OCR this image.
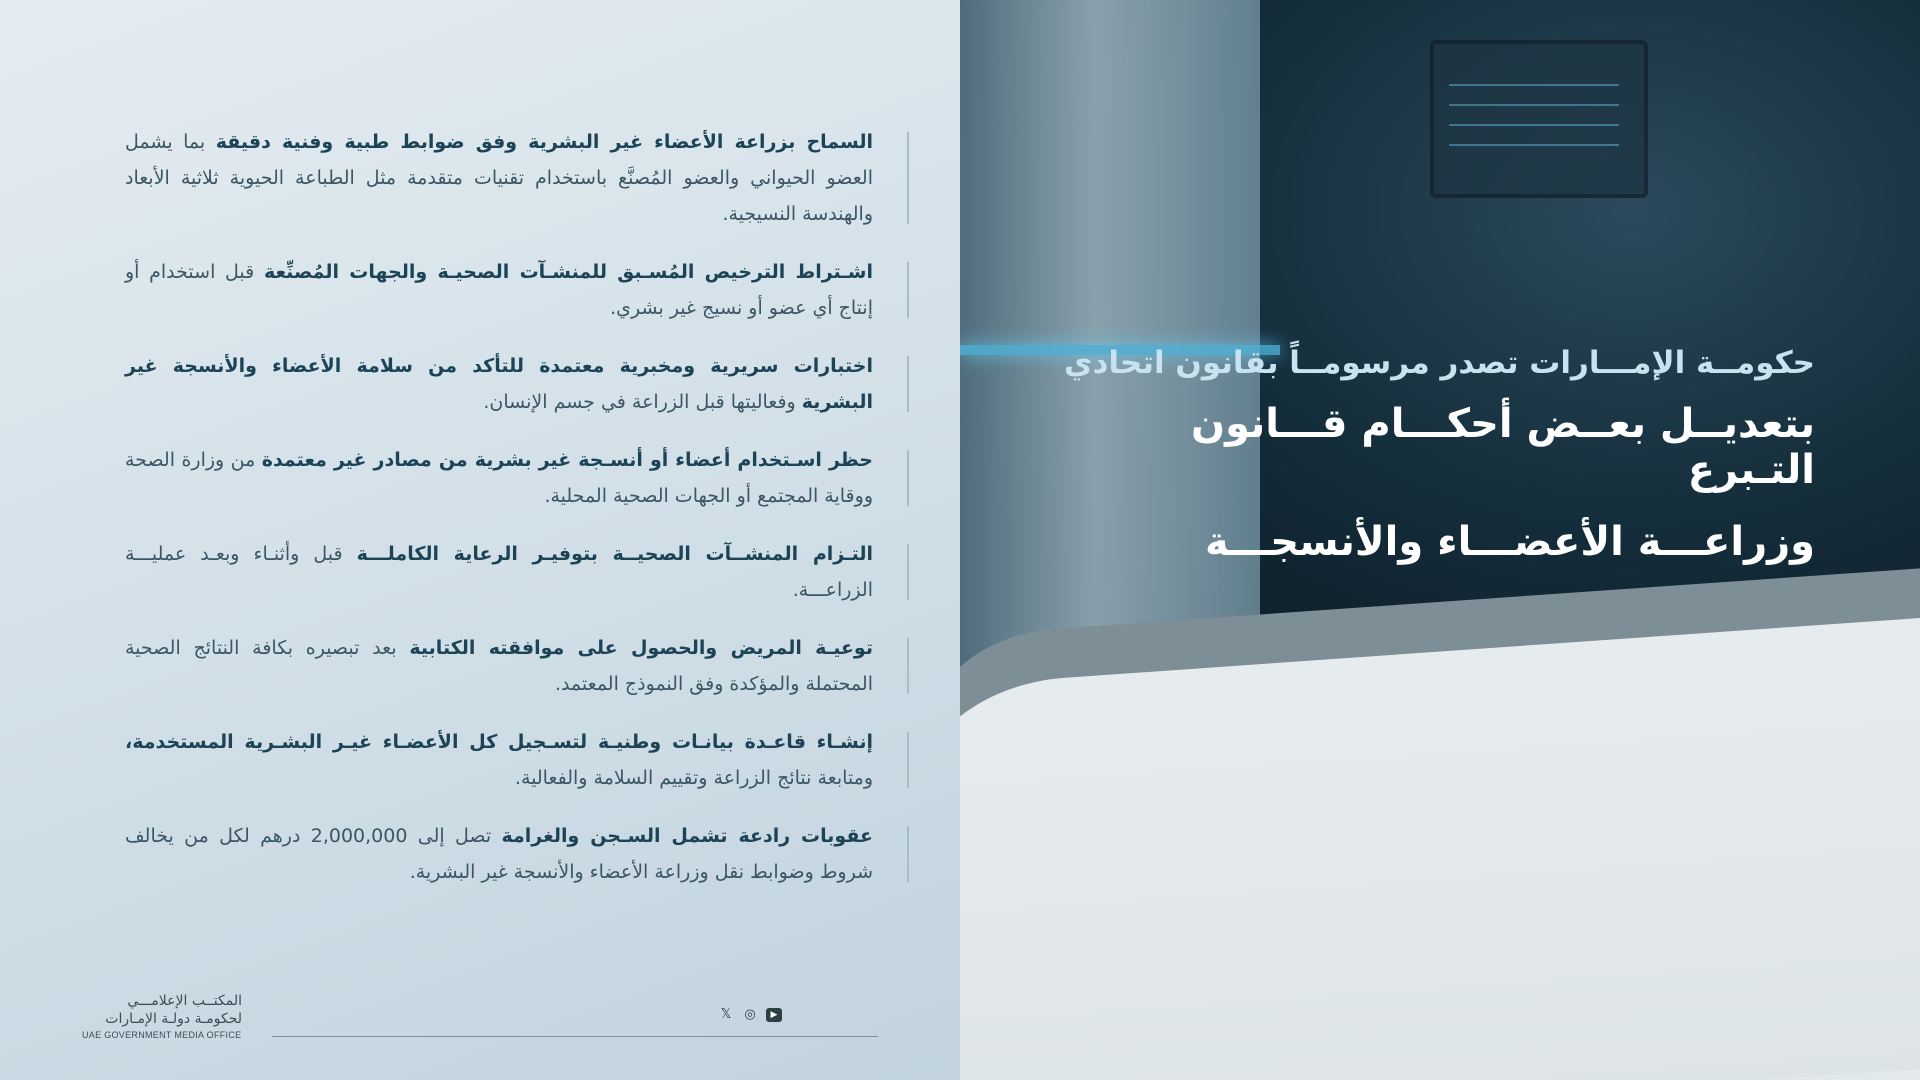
السماح بزراعة الأعضاء غير البشرية وفق ضوابط طبية وفنية دقيقة بما يشمل العضو الحيواني والعضو المُصنَّع باستخدام تقنيات متقدمة مثل الطباعة الحيوية ثلاثية الأبعاد والهندسة النسيجية.
اشـتراط الترخيص المُسـبق للمنشـآت الصحيـة والجهات المُصنِّعة قبل استخدام أو إنتاج أي عضو أو نسيج غير بشري.
اختبارات سريرية ومخبرية معتمدة للتأكد من سلامة الأعضاء والأنسجة غير البشرية وفعاليتها قبل الزراعة في جسم الإنسان.
حظر اسـتخدام أعضاء أو أنسـجة غير بشرية من مصادر غير معتمدة من وزارة الصحة ووقاية المجتمع أو الجهات الصحية المحلية.
التـزام المنشــآت الصحيــة بتوفيـر الرعاية الكاملـــة قبل وأثنـاء وبعـد عمليـــة الزراعـــة.
توعيـة المريض والحصول على موافقته الكتابية بعد تبصيره بكافة النتائج الصحية المحتملة والمؤكدة وفق النموذج المعتمد.
إنشـاء قاعـدة بيانـات وطنيـة لتسـجيل كل الأعضـاء غيـر البشـرية المستخدمة، ومتابعة نتائج الزراعة وتقييم السلامة والفعالية.
عقوبات رادعة تشمل السـجن والغرامة تصل إلى 2,000,000 درهم لكل من يخالف شروط وضوابط نقل وزراعة الأعضاء والأنسجة غير البشرية.
المكتــب الإعلامـــي
لحكومـة دولـة الإمـارات
UAE GOVERNMENT MEDIA OFFICE
𝕏 ◎	▶
حكومــة الإمـــارات تصدر مرسومــاً بقانون اتحادي
بتعديــل بعــض أحكـــام قـــانون التـبرع
وزراعـــة الأعضـــاء والأنسجـــة
